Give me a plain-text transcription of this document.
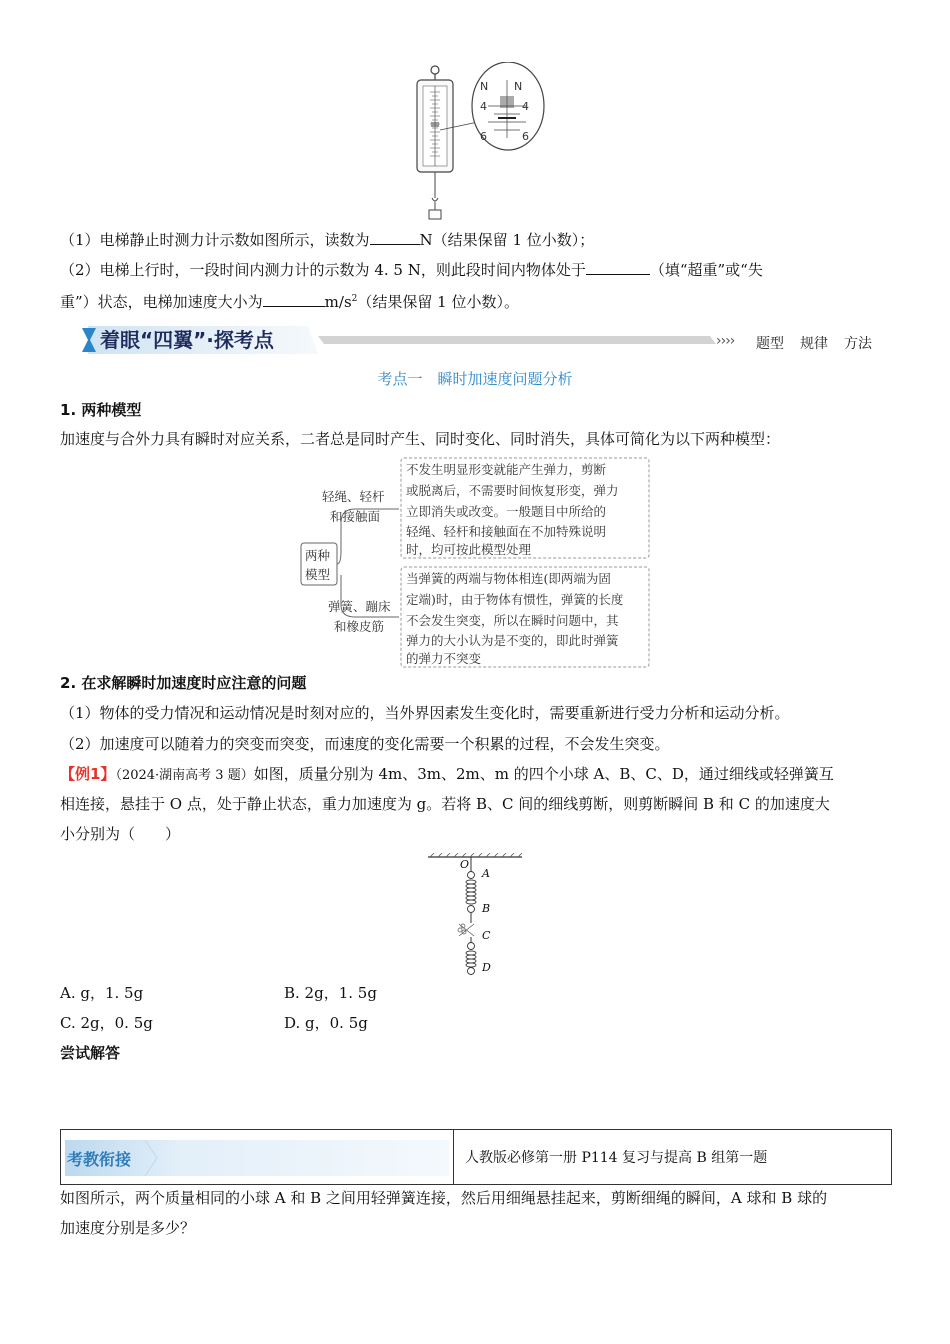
N N
4	4
6	6
（1）电梯静止时测力计示数如图所示，读数为	N（结果保留 1 位小数）；
（2）电梯上行时，一段时间内测力计的示数为 4. 5 N，则此段时间内物体处于	（填“超重”或“失
重”）状态，电梯加速度大小为	$m/s^2$（结果保留 1 位小数）。
着眼“四翼”·探考点	›››› 题型 规律 方法
考点一　瞬时加速度问题分析
1. 两种模型
加速度与合外力具有瞬时对应关系，二者总是同时产生、同时变化、同时消失，具体可简化为以下两种模型：
两种
模型
轻绳、轻杆
和接触面
弹簧、蹦床
和橡皮筋
不发生明显形变就能产生弹力，剪断
或脱离后，不需要时间恢复形变，弹力
立即消失或改变。一般题目中所给的
轻绳、轻杆和接触面在不加特殊说明
时，均可按此模型处理
当弹簧的两端与物体相连(即两端为固
定端)时，由于物体有惯性，弹簧的长度
不会发生突变，所以在瞬时问题中，其
弹力的大小认为是不变的，即此时弹簧
的弹力不突变
2. 在求解瞬时加速度时应注意的问题
（1）物体的受力情况和运动情况是时刻对应的，当外界因素发生变化时，需要重新进行受力分析和运动分析。
（2）加速度可以随着力的突变而突变，而速度的变化需要一个积累的过程，不会发生突变。
【例1】（2024·湖南高考 3 题）如图，质量分别为 4m、3m、2m、m 的四个小球 A、B、C、D，通过细线或轻弹簧互
相连接，悬挂于 O 点，处于静止状态，重力加速度为 g。若将 B、C 间的细线剪断，则剪断瞬间 B 和 C 的加速度大
小分别为（　　）
O
A
B
C
D
A. g，1. 5g	B. 2g，1. 5g
C. 2g，0. 5g	D. g，0. 5g
尝试解答
考教衔接	人教版必修第一册 P114 复习与提高 B 组第一题
如图所示，两个质量相同的小球 A 和 B 之间用轻弹簧连接，然后用细绳悬挂起来，剪断细绳的瞬间，A 球和 B 球的
加速度分别是多少？
